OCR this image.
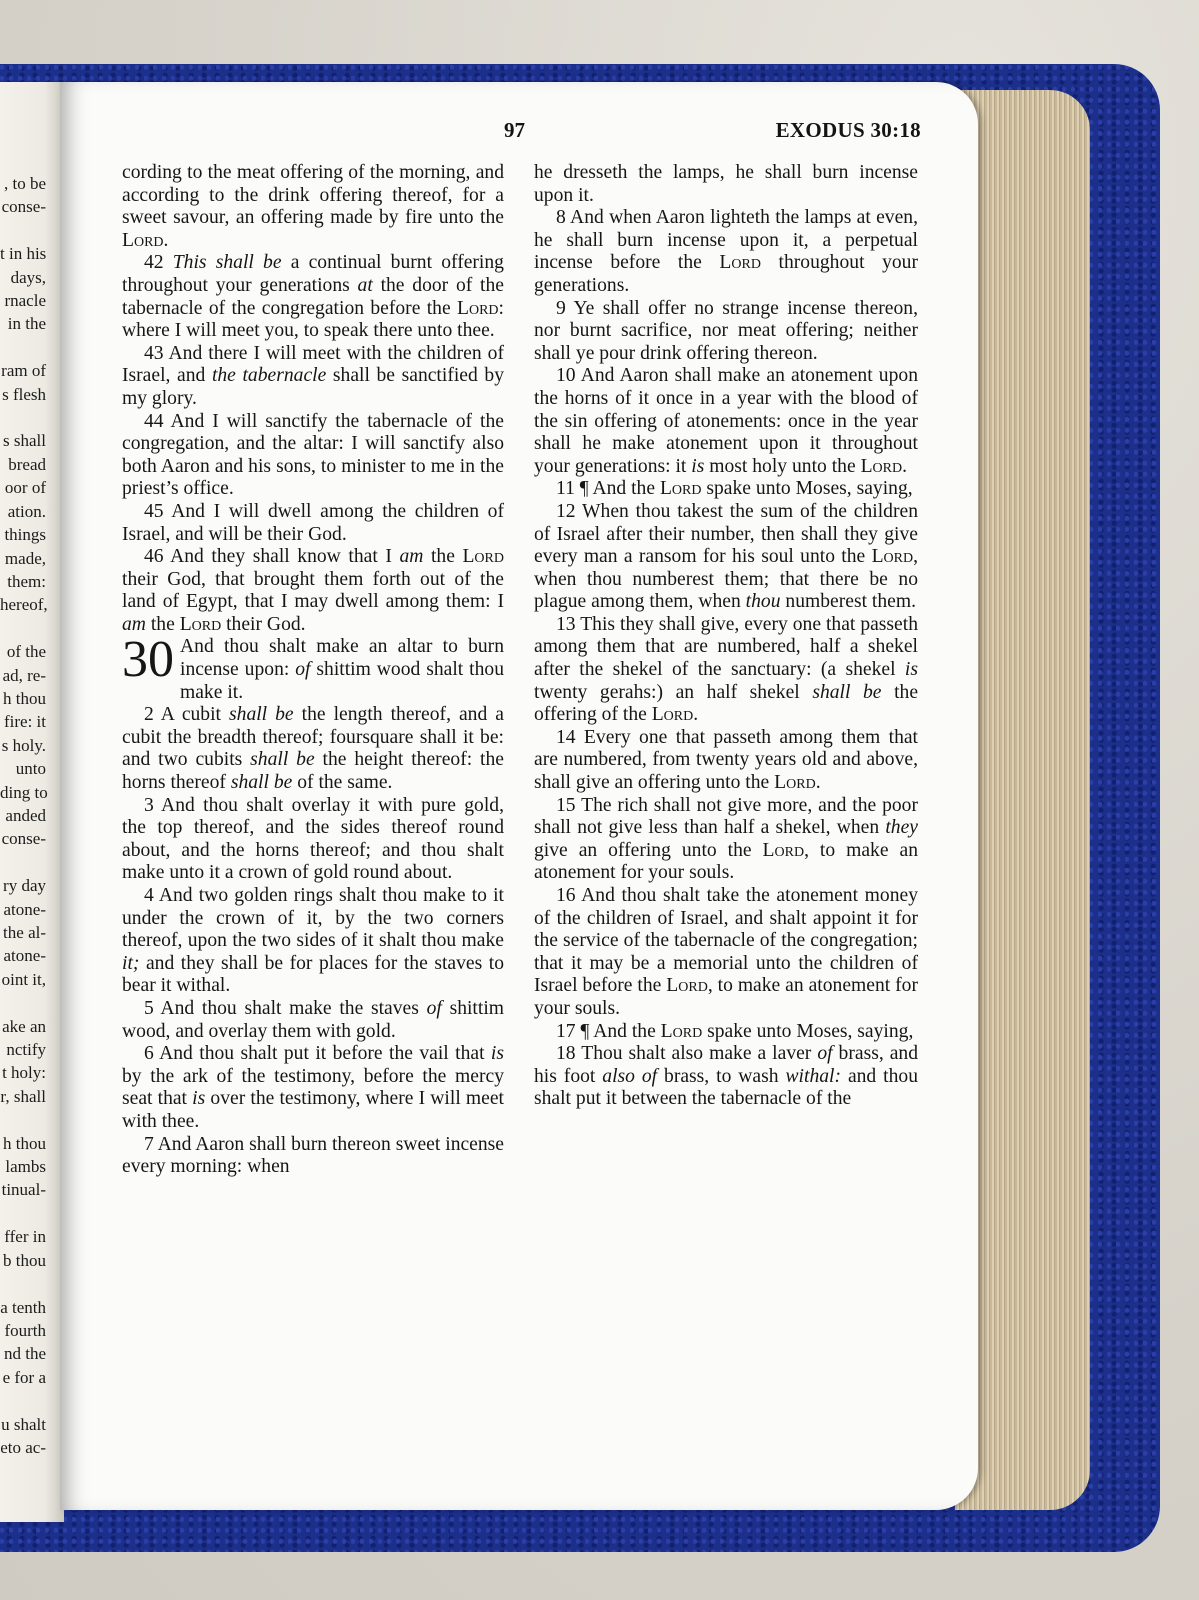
, to be
conse-

t in his
days,
rnacle
in the

ram of
s flesh

s shall
bread
oor of
ation.
things
made,
them:
hereof,

of the
ad, re-
h thou
fire: it
s holy.
unto
ding to
anded
conse-

ry day
atone-
the al-
atone-
oint it,

ake an
nctify
t holy:
r, shall

h thou
lambs
tinual-

ffer in
b thou

a tenth
fourth
nd the
e for a

u shalt
eto ac-
97	EXODUS 30:18

cording to the meat offering of the morning, and according to the drink offering thereof, for a sweet savour, an offering made by fire unto the Lord.

42 This shall be a continual burnt offering throughout your generations at the door of the tabernacle of the congregation before the Lord: where I will meet you, to speak there unto thee.

43 And there I will meet with the children of Israel, and the tabernacle shall be sanctified by my glory.

44 And I will sanctify the tabernacle of the congregation, and the altar: I will sanctify also both Aaron and his sons, to minister to me in the priest’s office.

45 And I will dwell among the children of Israel, and will be their God.

46 And they shall know that I am the Lord their God, that brought them forth out of the land of Egypt, that I may dwell among them: I am the Lord their God.

30 And thou shalt make an altar to burn incense upon: of shittim wood shalt thou make it.

2 A cubit shall be the length thereof, and a cubit the breadth thereof; foursquare shall it be: and two cubits shall be the height thereof: the horns thereof shall be of the same.

3 And thou shalt overlay it with pure gold, the top thereof, and the sides thereof round about, and the horns thereof; and thou shalt make unto it a crown of gold round about.

4 And two golden rings shalt thou make to it under the crown of it, by the two corners thereof, upon the two sides of it shalt thou make it; and they shall be for places for the staves to bear it withal.

5 And thou shalt make the staves of shittim wood, and overlay them with gold.

6 And thou shalt put it before the vail that is by the ark of the testimony, before the mercy seat that is over the testimony, where I will meet with thee.

7 And Aaron shall burn thereon sweet incense every morning: when

he dresseth the lamps, he shall burn incense upon it.

8 And when Aaron lighteth the lamps at even, he shall burn incense upon it, a perpetual incense before the Lord throughout your generations.

9 Ye shall offer no strange incense thereon, nor burnt sacrifice, nor meat offering; neither shall ye pour drink offering thereon.

10 And Aaron shall make an atonement upon the horns of it once in a year with the blood of the sin offering of atonements: once in the year shall he make atonement upon it throughout your generations: it is most holy unto the Lord.

11 ¶ And the Lord spake unto Moses, saying,

12 When thou takest the sum of the children of Israel after their number, then shall they give every man a ransom for his soul unto the Lord, when thou numberest them; that there be no plague among them, when thou numberest them.

13 This they shall give, every one that passeth among them that are numbered, half a shekel after the shekel of the sanctuary: (a shekel is twenty gerahs:) an half shekel shall be the offering of the Lord.

14 Every one that passeth among them that are numbered, from twenty years old and above, shall give an offering unto the Lord.

15 The rich shall not give more, and the poor shall not give less than half a shekel, when they give an offering unto the Lord, to make an atonement for your souls.

16 And thou shalt take the atonement money of the children of Israel, and shalt appoint it for the service of the tabernacle of the congregation; that it may be a memorial unto the children of Israel before the Lord, to make an atonement for your souls.

17 ¶ And the Lord spake unto Moses, saying,

18 Thou shalt also make a laver of brass, and his foot also of brass, to wash withal: and thou shalt put it between the tabernacle of the
